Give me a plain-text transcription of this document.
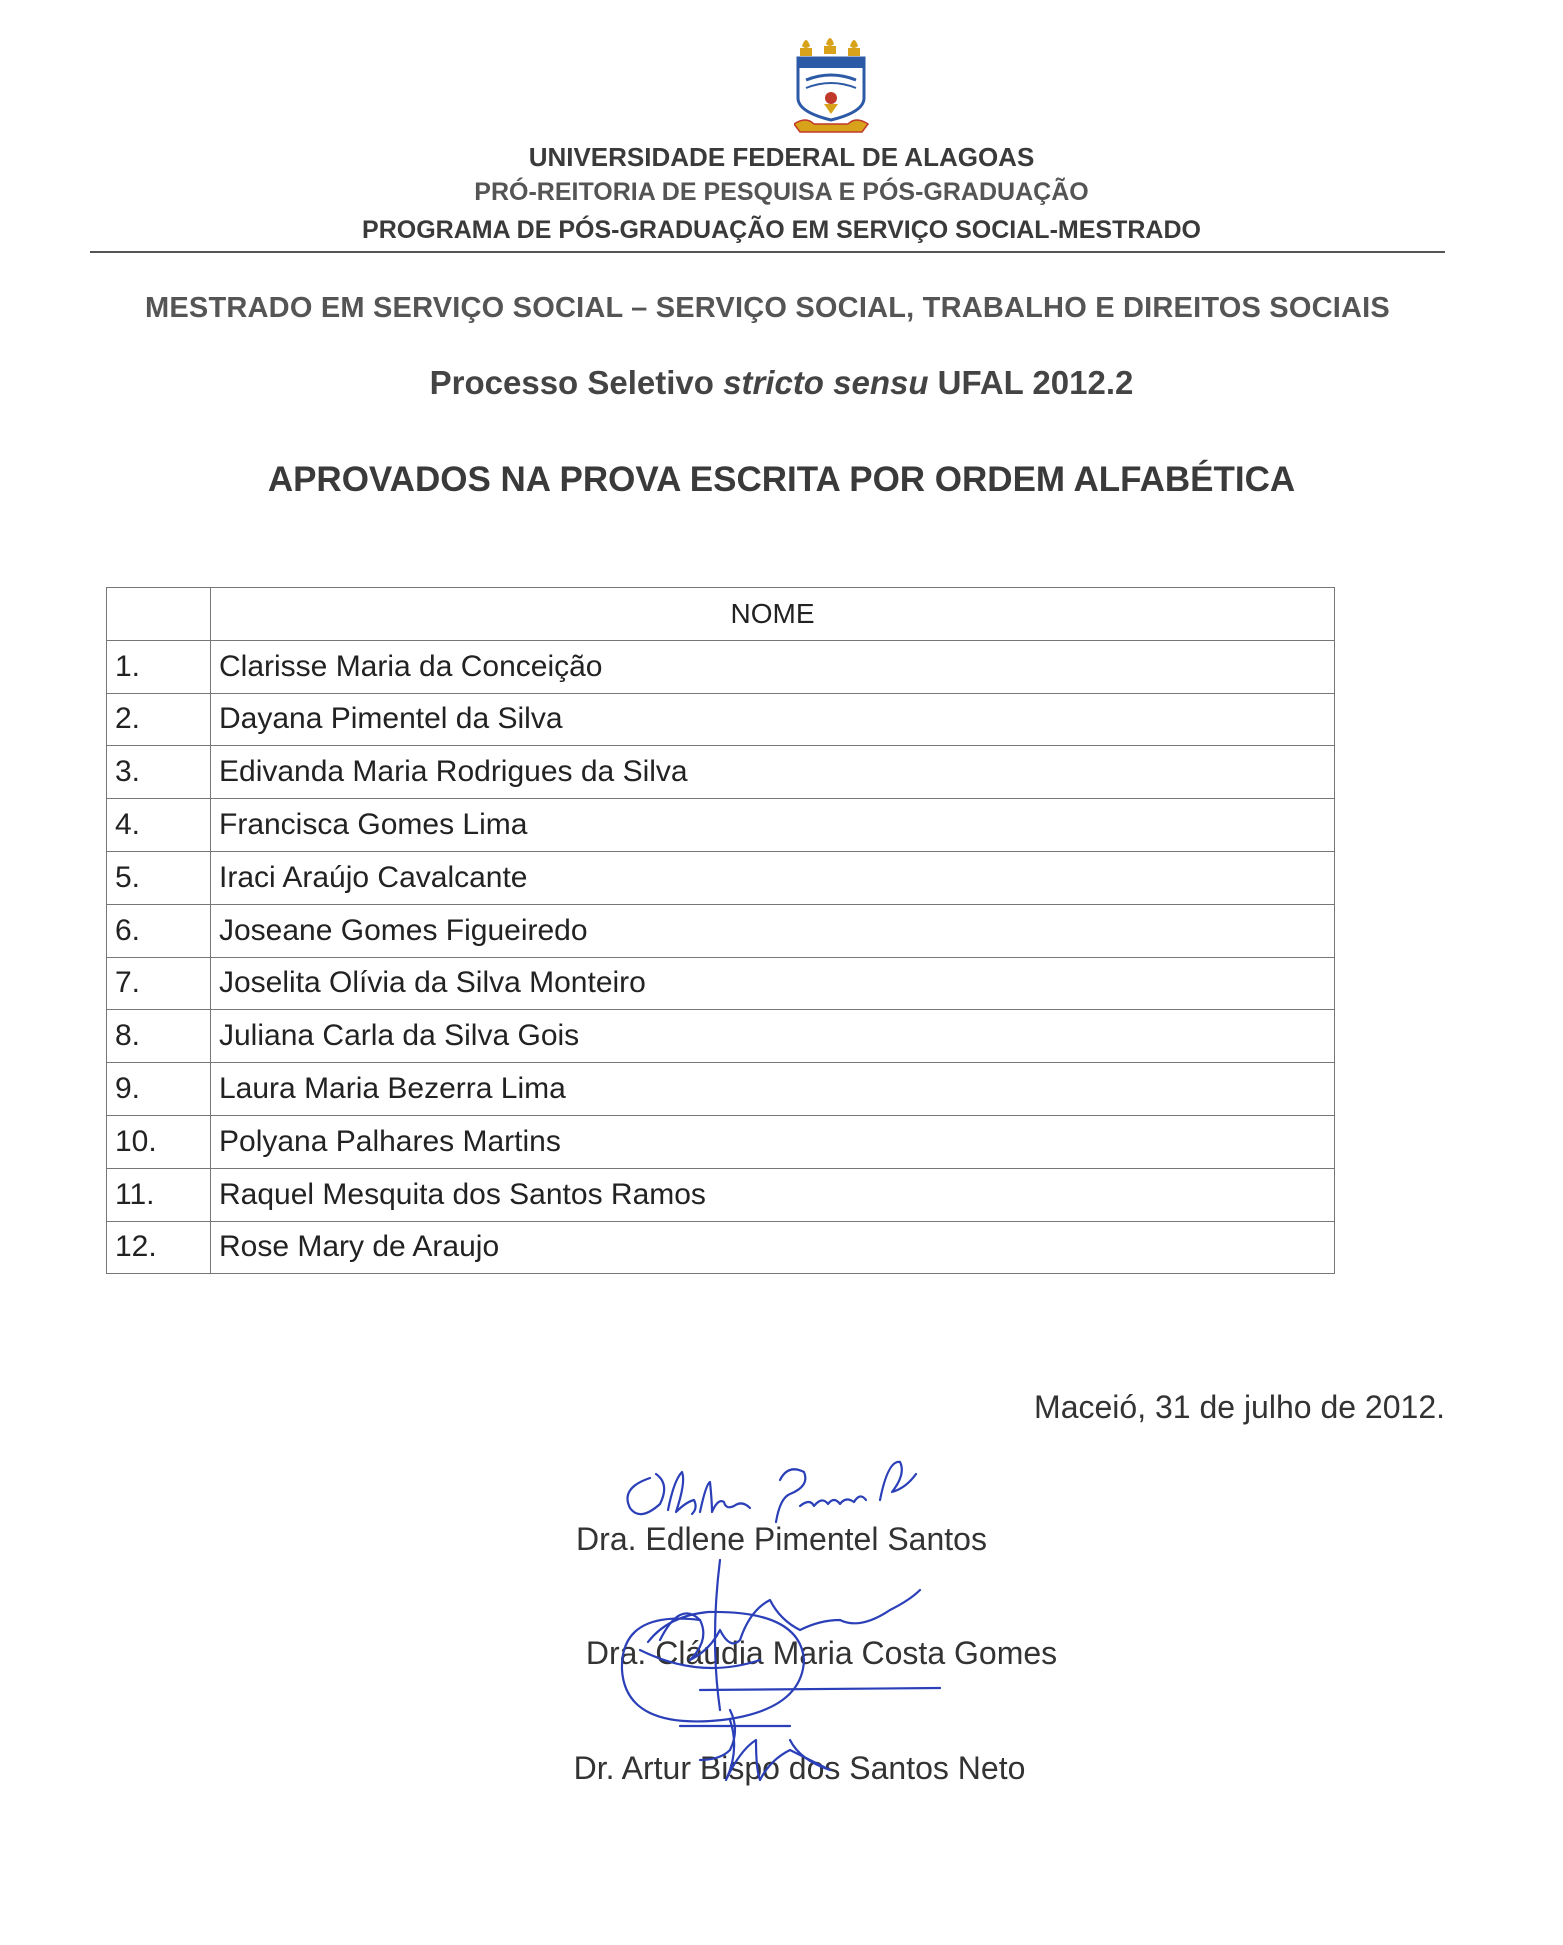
UNIVERSIDADE FEDERAL DE ALAGOAS
PRÓ-REITORIA DE PESQUISA E PÓS-GRADUAÇÃO
PROGRAMA DE PÓS-GRADUAÇÃO EM SERVIÇO SOCIAL-MESTRADO
MESTRADO EM SERVIÇO SOCIAL – SERVIÇO SOCIAL, TRABALHO E DIREITOS SOCIAIS
Processo Seletivo stricto sensu UFAL 2012.2
APROVADOS NA PROVA ESCRITA POR ORDEM ALFABÉTICA
	NOME
1.	Clarisse Maria da Conceição
2.	Dayana Pimentel da Silva
3.	Edivanda Maria Rodrigues da Silva
4.	Francisca Gomes Lima
5.	Iraci Araújo Cavalcante
6.	Joseane Gomes Figueiredo
7.	Joselita Olívia da Silva Monteiro
8.	Juliana Carla da Silva Gois
9.	Laura Maria Bezerra Lima
10.	Polyana Palhares Martins
11.	Raquel Mesquita dos Santos Ramos
12.	Rose Mary de Araujo
Maceió, 31 de julho de 2012.
Dra. Edlene Pimentel Santos
Dra. Cláudia Maria Costa Gomes
Dr. Artur Bispo dos Santos Neto
